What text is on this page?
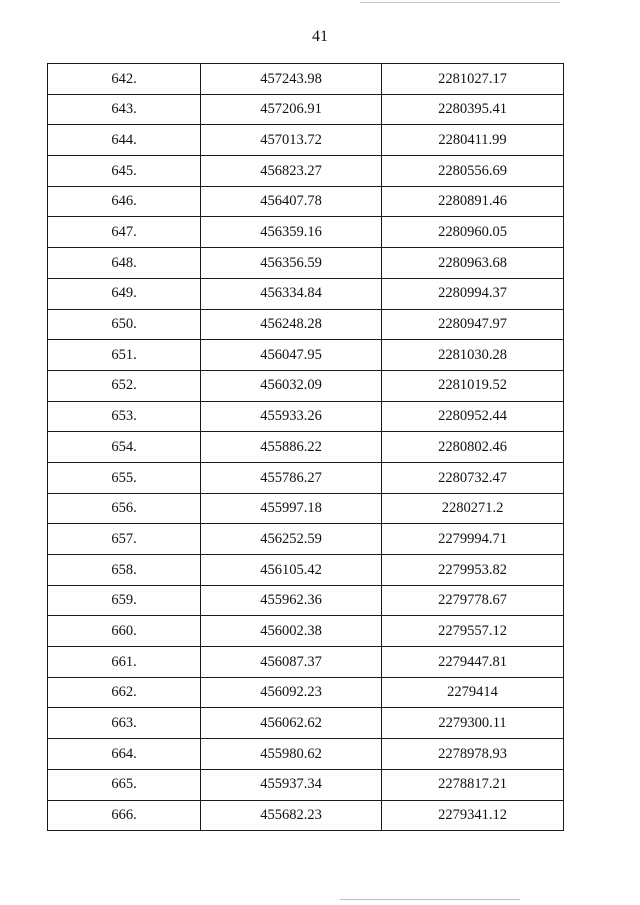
41
642.	457243.98	2281027.17
643.	457206.91	2280395.41
644.	457013.72	2280411.99
645.	456823.27	2280556.69
646.	456407.78	2280891.46
647.	456359.16	2280960.05
648.	456356.59	2280963.68
649.	456334.84	2280994.37
650.	456248.28	2280947.97
651.	456047.95	2281030.28
652.	456032.09	2281019.52
653.	455933.26	2280952.44
654.	455886.22	2280802.46
655.	455786.27	2280732.47
656.	455997.18	2280271.2
657.	456252.59	2279994.71
658.	456105.42	2279953.82
659.	455962.36	2279778.67
660.	456002.38	2279557.12
661.	456087.37	2279447.81
662.	456092.23	2279414
663.	456062.62	2279300.11
664.	455980.62	2278978.93
665.	455937.34	2278817.21
666.	455682.23	2279341.12
